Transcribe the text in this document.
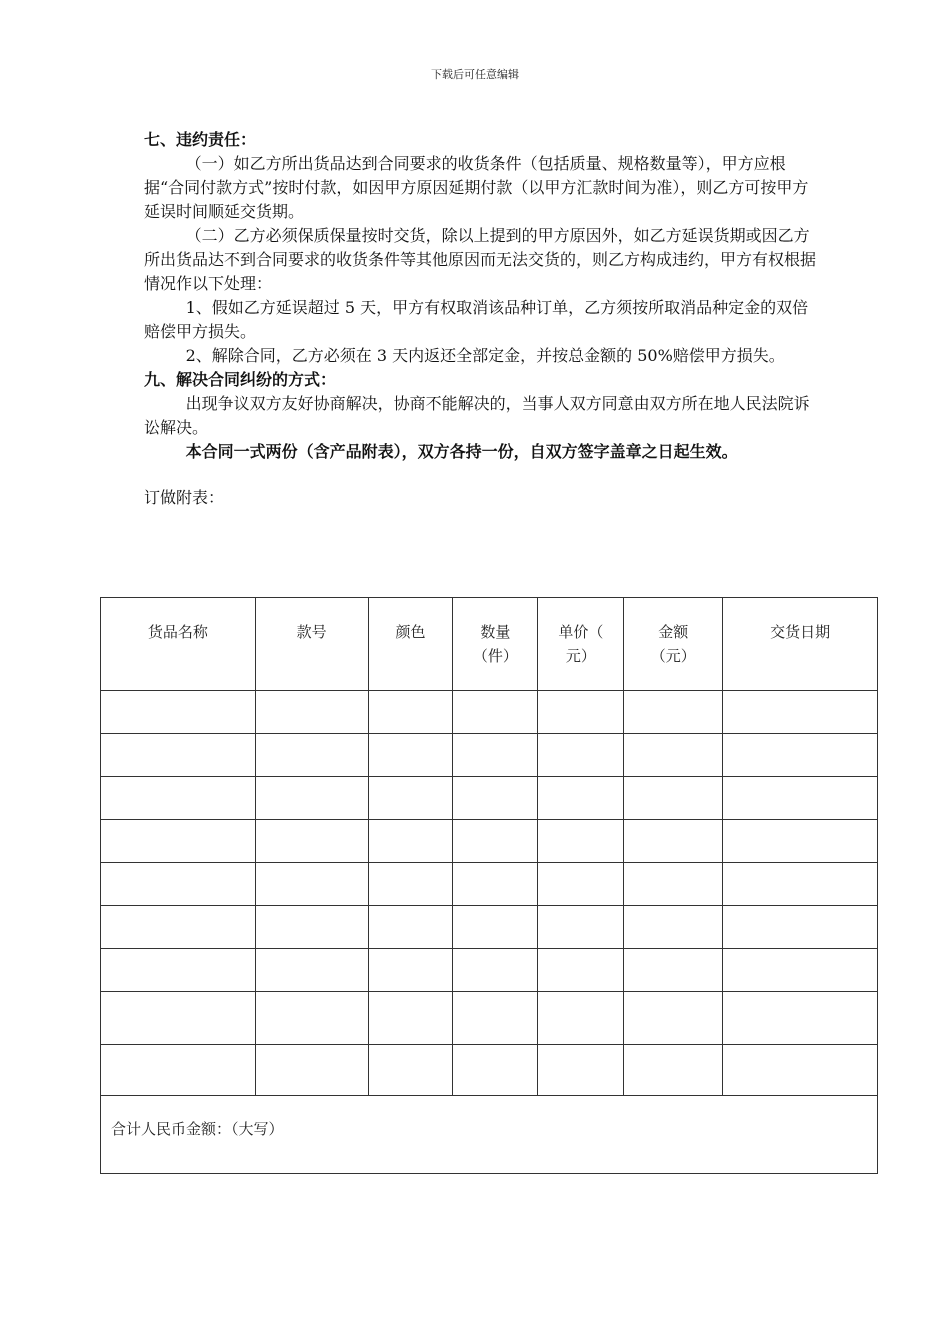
下载后可任意编辑
七、违约责任：
（一）如乙方所出货品达到合同要求的收货条件（包括质量、规格数量等），甲方应根据“合同付款方式”按时付款，如因甲方原因延期付款（以甲方汇款时间为准），则乙方可按甲方延误时间顺延交货期。
（二）乙方必须保质保量按时交货，除以上提到的甲方原因外，如乙方延误货期或因乙方所出货品达不到合同要求的收货条件等其他原因而无法交货的，则乙方构成违约，甲方有权根据情况作以下处理：
1、假如乙方延误超过 5 天，甲方有权取消该品种订单，乙方须按所取消品种定金的双倍赔偿甲方损失。
2、解除合同，乙方必须在 3 天内返还全部定金，并按总金额的 50%赔偿甲方损失。
九、解决合同纠纷的方式：
出现争议双方友好协商解决，协商不能解决的，当事人双方同意由双方所在地人民法院诉讼解决。
本合同一式两份（含产品附表），双方各持一份，自双方签字盖章之日起生效。
订做附表：
货品名称	款号	颜色	数量（件）	单价（ 元）	金额（元）	交货日期

合计人民币金额：（大写）						
